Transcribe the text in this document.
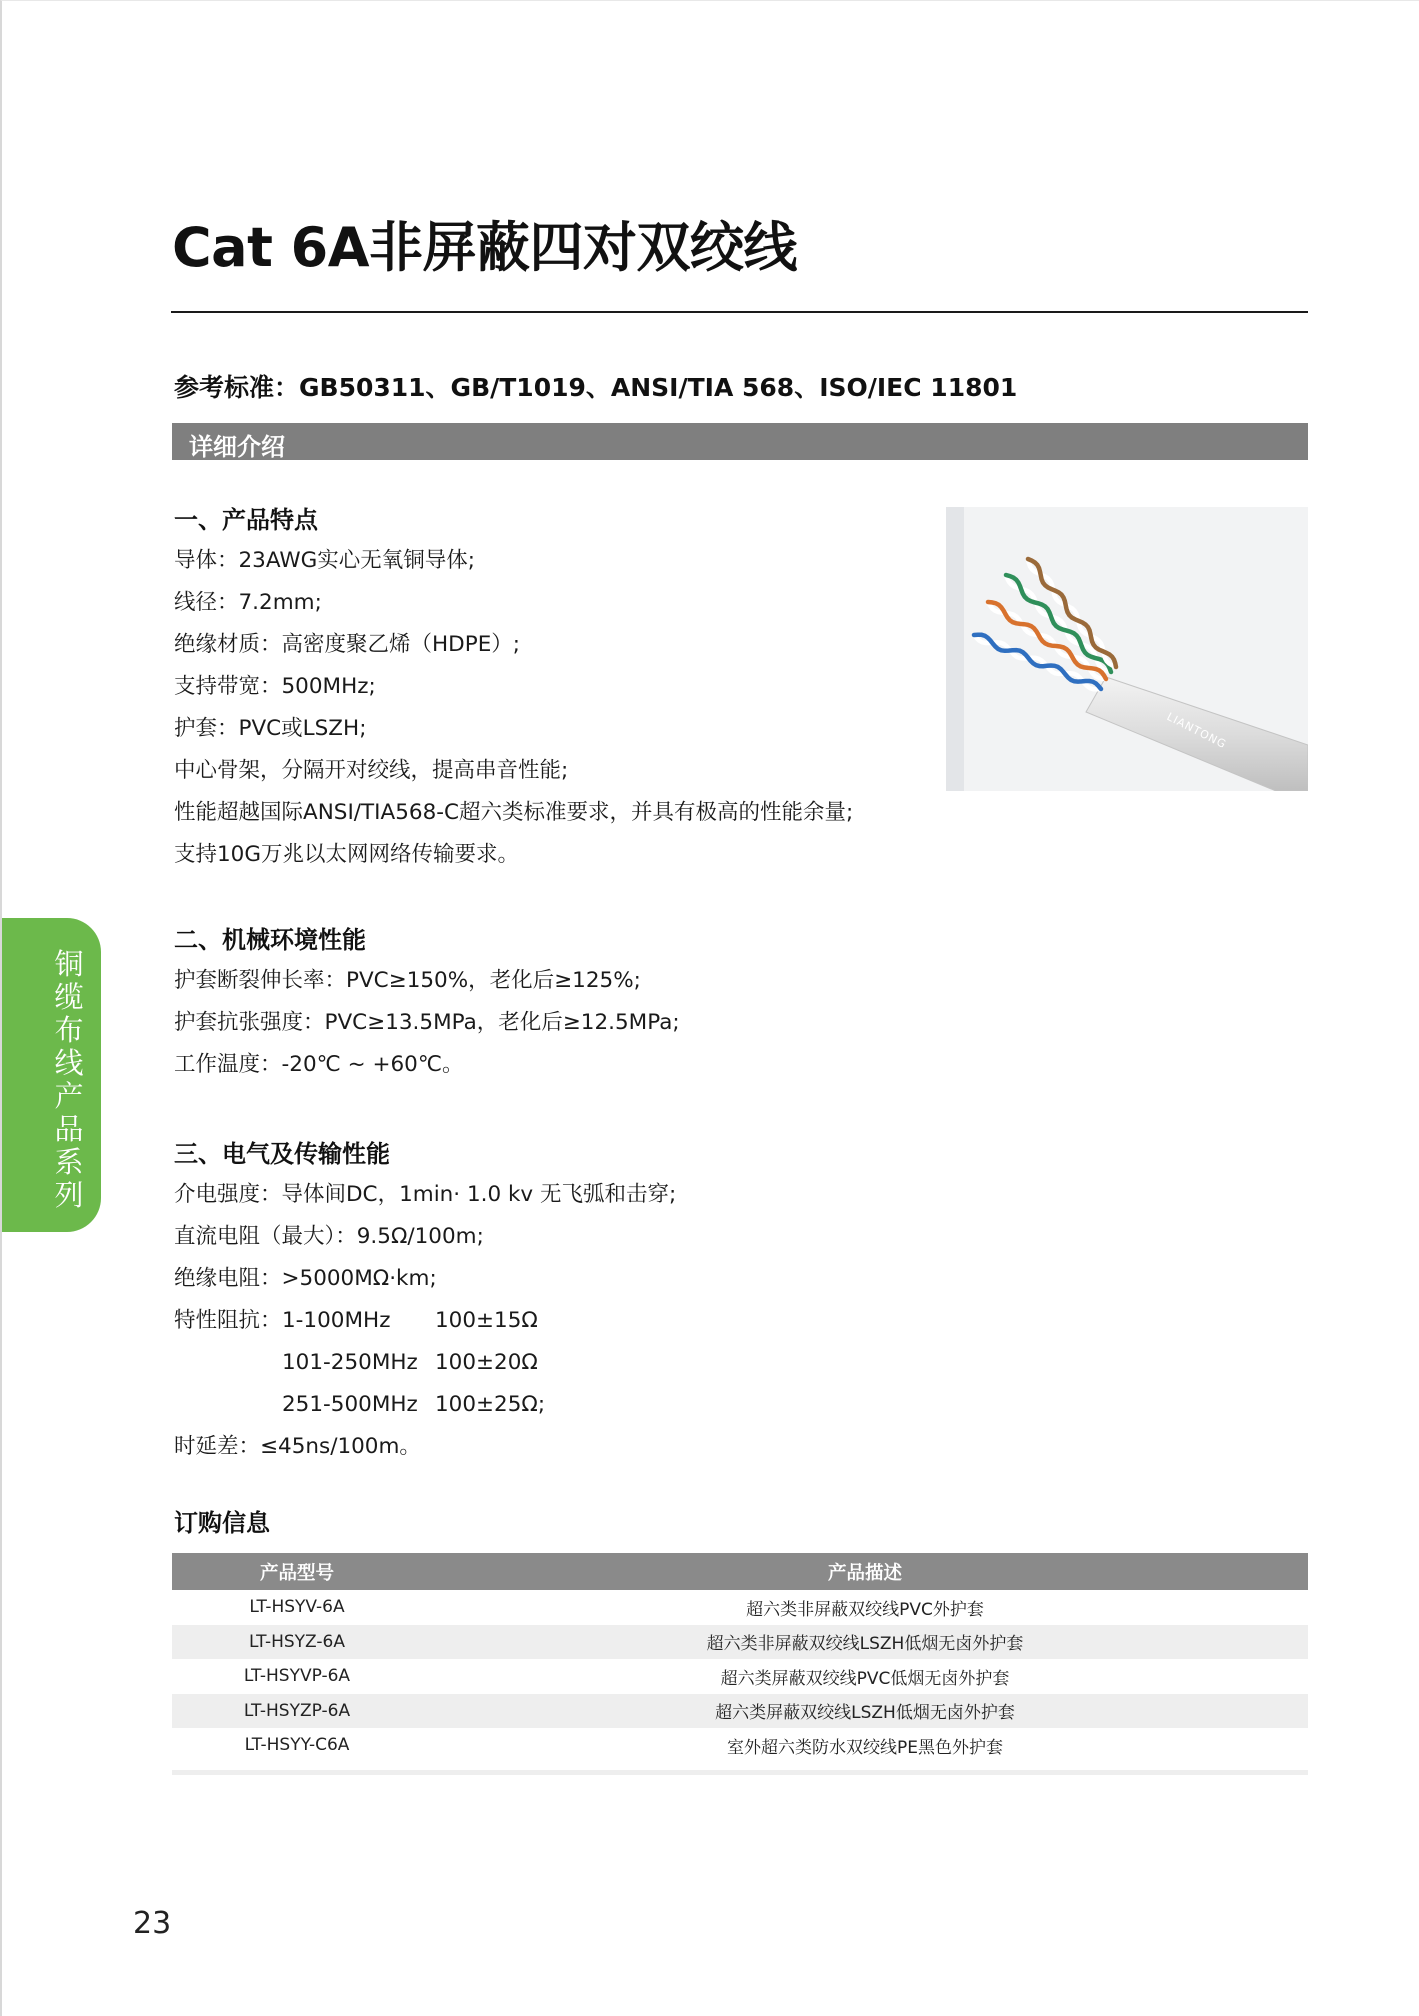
Cat 6A非屏蔽四对双绞线
参考标准：GB50311、GB/T1019、ANSI/TIA 568、ISO/IEC 11801
详细介绍
一、产品特点
导体：23AWG实心无氧铜导体;
线径：7.2mm;
绝缘材质：高密度聚乙烯（HDPE）;
支持带宽：500MHz;
护套：PVC或LSZH;
中心骨架，分隔开对绞线，提高串音性能;
性能超越国际ANSI/TIA568-C超六类标准要求，并具有极高的性能余量;
支持10G万兆以太网网络传输要求。
LIANTONG
二、机械环境性能
护套断裂伸长率：PVC≥150%，老化后≥125%;
护套抗张强度：PVC≥13.5MPa，老化后≥12.5MPa;
工作温度：-20℃ ~ +60℃。
三、电气及传输性能
介电强度：导体间DC，1min· 1.0 kv 无飞弧和击穿;
直流电阻（最大）：9.5Ω/100m;
绝缘电阻：>5000MΩ·km;
特性阻抗： 1-100MHz	100±15Ω
101-250MHz 100±20Ω
251-500MHz 100±25Ω;
时延差：≤45ns/100m。
铜缆布线产品系列
订购信息
产品型号	产品描述
LT-HSYV-6A	超六类非屏蔽双绞线PVC外护套
LT-HSYZ-6A	超六类非屏蔽双绞线LSZH低烟无卤外护套
LT-HSYVP-6A	超六类屏蔽双绞线PVC低烟无卤外护套
LT-HSYZP-6A	超六类屏蔽双绞线LSZH低烟无卤外护套
LT-HSYY-C6A	室外超六类防水双绞线PE黑色外护套
23
